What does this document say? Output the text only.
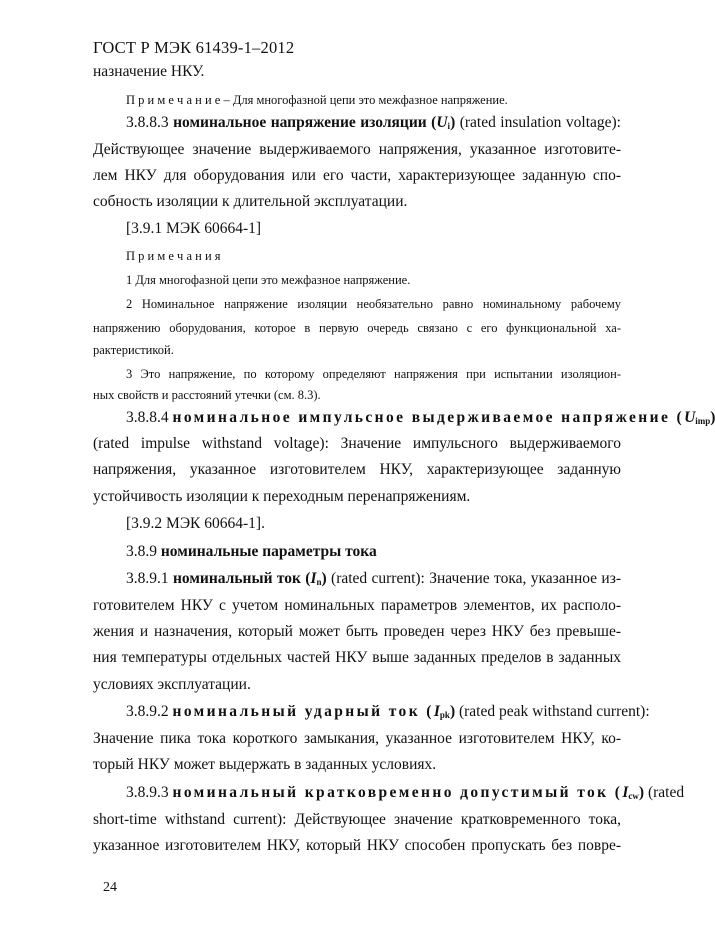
ГОСТ Р МЭК 61439-1–2012
назначение НКУ.
П р и м е ч а н и е – Для многофазной цепи это межфазное напряжение.
3.8.8.3 номинальное напряжение изоляции $(U_i)$ (rated insulation voltage):
Действующее значение выдерживаемого напряжения, указанное изготовите-
лем НКУ для оборудования или его части, характеризующее заданную спо-
собность изоляции к длительной эксплуатации.
[3.9.1 МЭК 60664-1]
П р и м е ч а н и я
1 Для многофазной цепи это межфазное напряжение.
2 Номинальное напряжение изоляции необязательно равно номинальному рабочему
напряжению оборудования, которое в первую очередь связано с его функциональной ха-
рактеристикой.
3 Это напряжение, по которому определяют напряжения при испытании изоляцион-
ных свойств и расстояний утечки (см. 8.3).
3.8.8.4 номинальное импульсное выдерживаемое напряжение $(U_{imp})$
(rated impulse withstand voltage): Значение импульсного выдерживаемого
напряжения, указанное изготовителем НКУ, характеризующее заданную
устойчивость изоляции к переходным перенапряжениям.
[3.9.2 МЭК 60664-1].
3.8.9 номинальные параметры тока
3.8.9.1 номинальный ток $(I_n)$ (rated current): Значение тока, указанное из-
готовителем НКУ с учетом номинальных параметров элементов, их располо-
жения и назначения, который может быть проведен через НКУ без превыше-
ния температуры отдельных частей НКУ выше заданных пределов в заданных
условиях эксплуатации.
3.8.9.2 номинальный ударный ток $(I_{pk})$ (rated peak withstand current):
Значение пика тока короткого замыкания, указанное изготовителем НКУ, ко-
торый НКУ может выдержать в заданных условиях.
3.8.9.3 номинальный кратковременно допустимый ток $(I_{cw})$ (rated
short-time withstand current): Действующее значение кратковременного тока,
указанное изготовителем НКУ, который НКУ способен пропускать без повре-
24
